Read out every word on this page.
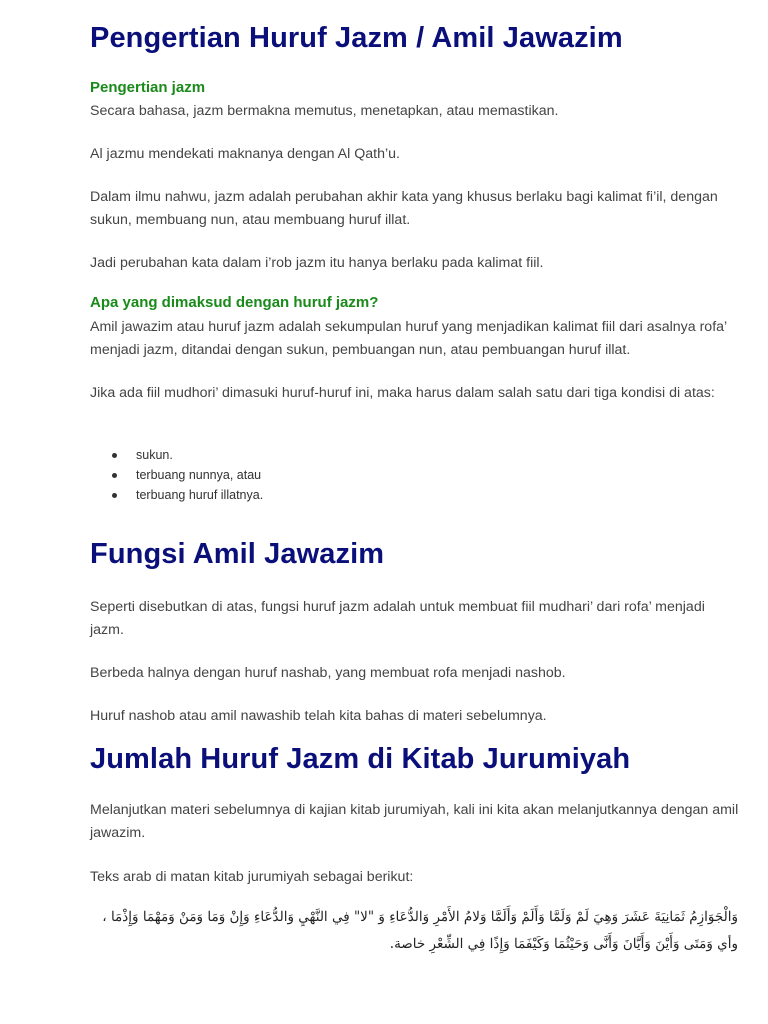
Pengertian Huruf Jazm / Amil Jawazim
Pengertian jazm

Secara bahasa, jazm bermakna memutus, menetapkan, atau memastikan.

Al jazmu mendekati maknanya dengan Al Qath’u.

Dalam ilmu nahwu, jazm adalah perubahan akhir kata yang khusus berlaku bagi kalimat fi’il, dengan sukun, membuang nun, atau membuang huruf illat.

Jadi perubahan kata dalam i’rob jazm itu hanya berlaku pada kalimat fiil.

Apa yang dimaksud dengan huruf jazm?

Amil jawazim atau huruf jazm adalah sekumpulan huruf yang menjadikan kalimat fiil dari asalnya rofa’ menjadi jazm, ditandai dengan sukun, pembuangan nun, atau pembuangan huruf illat.

Jika ada fiil mudhori’ dimasuki huruf-huruf ini, maka harus dalam salah satu dari tiga kondisi di atas:

sukun.
terbuang nunnya, atau
terbuang huruf illatnya.
Fungsi Amil Jawazim

Seperti disebutkan di atas, fungsi huruf jazm adalah untuk membuat fiil mudhari’ dari rofa’ menjadi jazm.

Berbeda halnya dengan huruf nashab, yang membuat rofa menjadi nashob.

Huruf nashob atau amil nawashib telah kita bahas di materi sebelumnya.

Jumlah Huruf Jazm di Kitab Jurumiyah

Melanjutkan materi sebelumnya di kajian kitab jurumiyah, kali ini kita akan melanjutkannya dengan amil jawazim.

Teks arab di matan kitab jurumiyah sebagai berikut:

وَالْجَوَازِمُ ثَمَانِيَةَ عَشَرَ وَهِيَ لَمْ وَلَمَّا وَأَلَمْ وَأَلَمَّا وَلامُ الأَمْرِ وَالدُّعَاءِ وَ "لا" فِي النَّهْيِ وَالدُّعَاءِ وَإِنْ وَمَا وَمَنْ وَمَهْمَا وَإِذْمَا ، وأي وَمَتَى وَأَيْنَ وَأَيَّانَ وَأَنَّى وَحَيْثُمَا وَكَيْفَمَا وَإِذًا فِي الشِّعْرِ خاصة.
